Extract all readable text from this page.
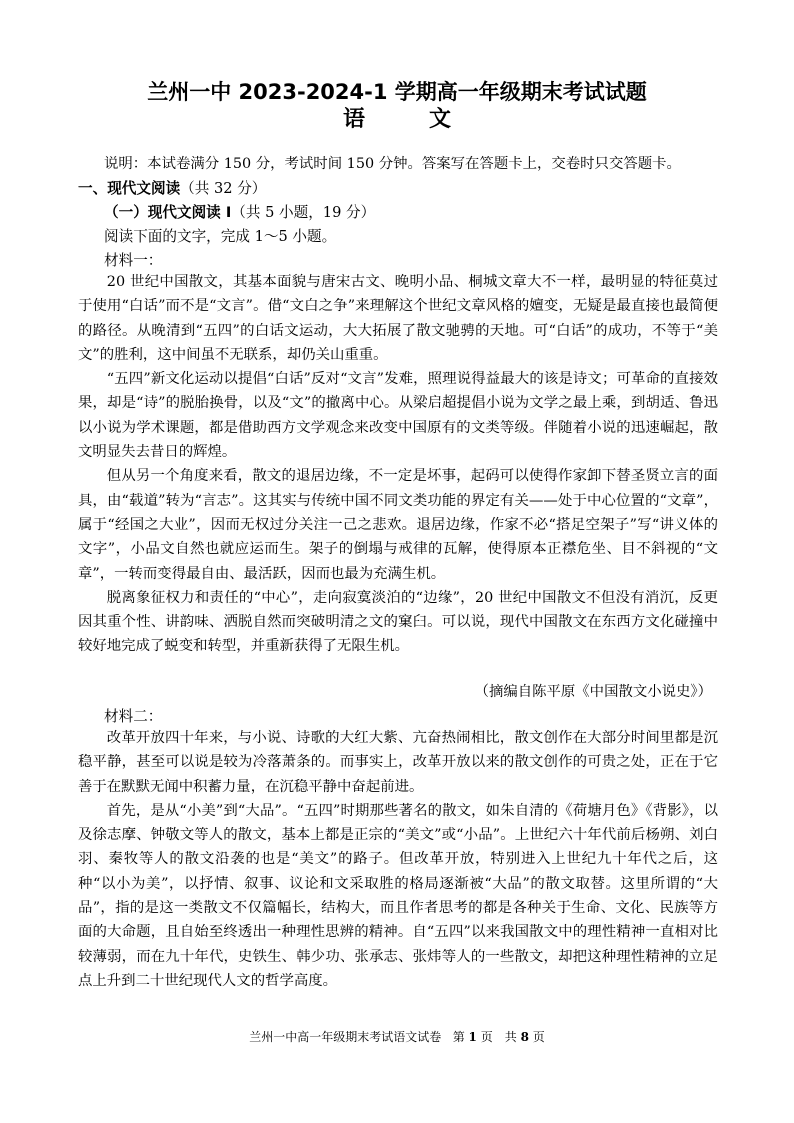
兰州一中 2023-2024-1 学期高一年级期末考试试题
语	文
说明：本试卷满分 150 分，考试时间 150 分钟。答案写在答题卡上，交卷时只交答题卡。
一、现代文阅读（共 32 分）
（一）现代文阅读 I（共 5 小题，19 分）
阅读下面的文字，完成 1～5 小题。
材料一：

20 世纪中国散文，其基本面貌与唐宋古文、晚明小品、桐城文章大不一样，最明显的特征莫过于使用“白话”而不是“文言”。借“文白之争”来理解这个世纪文章风格的嬗变，无疑是最直接也最简便的路径。从晚清到“五四”的白话文运动，大大拓展了散文驰骋的天地。可“白话”的成功，不等于“美文”的胜利，这中间虽不无联系，却仍关山重重。

“五四”新文化运动以提倡“白话”反对“文言”发难，照理说得益最大的该是诗文；可革命的直接效果，却是“诗”的脱胎换骨，以及“文”的撤离中心。从梁启超提倡小说为文学之最上乘，到胡适、鲁迅以小说为学术课题，都是借助西方文学观念来改变中国原有的文类等级。伴随着小说的迅速崛起，散文明显失去昔日的辉煌。

但从另一个角度来看，散文的退居边缘，不一定是坏事，起码可以使得作家卸下替圣贤立言的面具，由“载道”转为“言志”。这其实与传统中国不同文类功能的界定有关——处于中心位置的“文章”，属于“经国之大业”，因而无权过分关注一己之悲欢。退居边缘，作家不必“搭足空架子”写“讲义体的文字”，小品文自然也就应运而生。架子的倒塌与戒律的瓦解，使得原本正襟危坐、目不斜视的“文章”，一转而变得最自由、最活跃，因而也最为充满生机。

脱离象征权力和责任的“中心”，走向寂寞淡泊的“边缘”，20 世纪中国散文不但没有消沉，反更因其重个性、讲韵味、洒脱自然而突破明清之文的窠臼。可以说，现代中国散文在东西方文化碰撞中较好地完成了蜕变和转型，并重新获得了无限生机。

（摘编自陈平原《中国散文小说史》）
材料二：

改革开放四十年来，与小说、诗歌的大红大紫、亢奋热闹相比，散文创作在大部分时间里都是沉稳平静，甚至可以说是较为冷落萧条的。而事实上，改革开放以来的散文创作的可贵之处，正在于它善于在默默无闻中积蓄力量，在沉稳平静中奋起前进。

首先，是从“小美”到“大品”。“五四”时期那些著名的散文，如朱自清的《荷塘月色》《背影》，以及徐志摩、钟敬文等人的散文，基本上都是正宗的“美文”或“小品”。上世纪六十年代前后杨朔、刘白羽、秦牧等人的散文沿袭的也是“美文”的路子。但改革开放，特别进入上世纪九十年代之后，这种“以小为美”，以抒情、叙事、议论和文采取胜的格局逐渐被“大品”的散文取替。这里所谓的“大品”，指的是这一类散文不仅篇幅长，结构大，而且作者思考的都是各种关于生命、文化、民族等方面的大命题，且自始至终透出一种理性思辨的精神。自“五四”以来我国散文中的理性精神一直相对比较薄弱，而在九十年代，史铁生、韩少功、张承志、张炜等人的一些散文，却把这种理性精神的立足点上升到二十世纪现代人文的哲学高度。

兰州一中高一年级期末考试语文试卷 第 1 页　共 8 页
